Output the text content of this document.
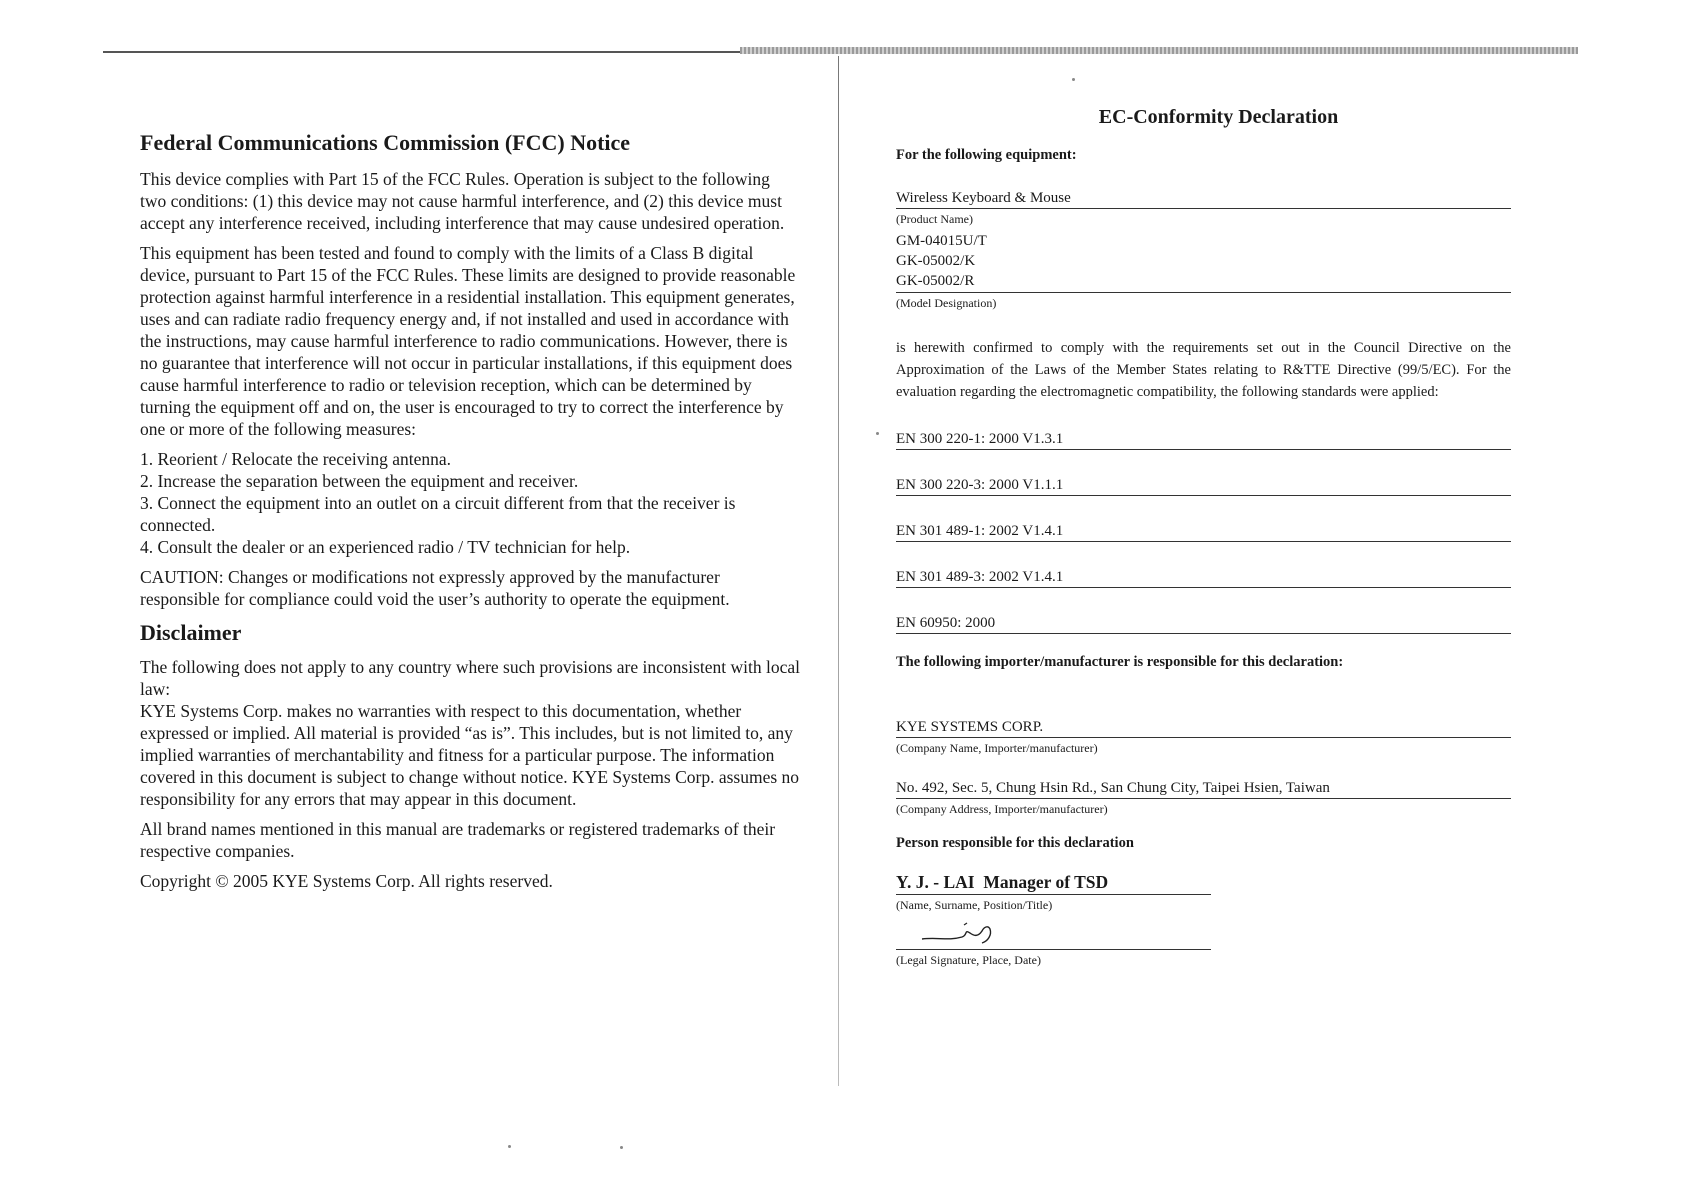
Federal Communications Commission (FCC) Notice

This device complies with Part 15 of the FCC Rules. Operation is subject to the following two conditions: (1) this device may not cause harmful interference, and (2) this device must accept any interference received, including interference that may cause undesired operation.

This equipment has been tested and found to comply with the limits of a Class B digital device, pursuant to Part 15 of the FCC Rules. These limits are designed to provide reasonable protection against harmful interference in a residential installation. This equipment generates, uses and can radiate radio frequency energy and, if not installed and used in accordance with the instructions, may cause harmful interference to radio communications. However, there is no guarantee that interference will not occur in particular installations, if this equipment does cause harmful interference to radio or television reception, which can be determined by turning the equipment off and on, the user is encouraged to try to correct the interference by one or more of the following measures:

1. Reorient / Relocate the receiving antenna.
2. Increase the separation between the equipment and receiver.
3. Connect the equipment into an outlet on a circuit different from that the receiver is connected.
4. Consult the dealer or an experienced radio / TV technician for help.

CAUTION: Changes or modifications not expressly approved by the manufacturer responsible for compliance could void the user’s authority to operate the equipment.

Disclaimer

The following does not apply to any country where such provisions are inconsistent with local law:
KYE Systems Corp. makes no warranties with respect to this documentation, whether expressed or implied. All material is provided “as is”. This includes, but is not limited to, any implied warranties of merchantability and fitness for a particular purpose. The information covered in this document is subject to change without notice. KYE Systems Corp. assumes no responsibility for any errors that may appear in this document.

All brand names mentioned in this manual are trademarks or registered trademarks of their respective companies.

Copyright © 2005 KYE Systems Corp. All rights reserved.

EC-Conformity Declaration
For the following equipment:
Wireless Keyboard & Mouse
(Product Name)
GM-04015U/T
GK-05002/K
GK-05002/R
(Model Designation)
is herewith confirmed to comply with the requirements set out in the Council Directive on the Approximation of the Laws of the Member States relating to R&TTE Directive (99/5/EC). For the evaluation regarding the electromagnetic compatibility, the following standards were applied:
EN 300 220-1: 2000 V1.3.1
EN 300 220-3: 2000 V1.1.1
EN 301 489-1: 2002 V1.4.1
EN 301 489-3: 2002 V1.4.1
EN 60950: 2000
The following importer/manufacturer is responsible for this declaration:
KYE SYSTEMS CORP.
(Company Name, Importer/manufacturer)
No. 492, Sec. 5, Chung Hsin Rd., San Chung City, Taipei Hsien, Taiwan
(Company Address, Importer/manufacturer)
Person responsible for this declaration
Y. J. - LAI  Manager of TSD
(Name, Surname, Position/Title)
(Legal Signature, Place, Date)
